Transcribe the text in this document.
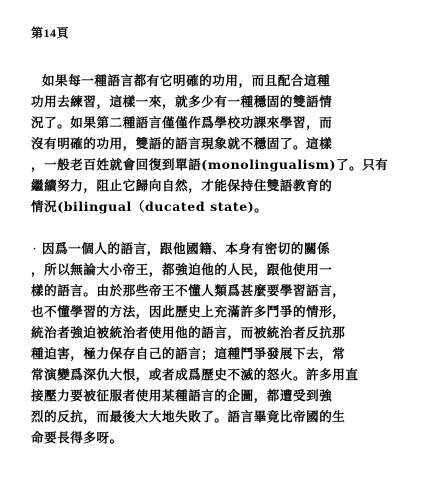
第14頁
如果每一種語言都有它明確的功用，而且配合這種
功用去練習，這樣一來，就多少有一種穩固的雙語情
況了。如果第二種語言僅僅作爲學校功課來學習，而
沒有明確的功用，雙語的語言現象就不穩固了。這樣
，一般老百姓就會回復到單語(monolingualism)了。只有
繼續努力，阻止它歸向自然，才能保持住雙語教育的
情況(bilingual（ducated state)。
· 因爲一個人的語言，跟他國籍、本身有密切的關係
，所以無論大小帝王，都強迫他的人民，跟他使用一
樣的語言。由於那些帝王不懂人類爲甚麼要學習語言，
也不懂學習的方法，因此歷史上充滿許多鬥爭的情形，
統治者強迫被統治者使用他的語言，而被統治者反抗那
種迫害，極力保存自己的語言；這種鬥爭發展下去，常
常演變爲深仇大恨，或者成爲歷史不滅的怒火。許多用直
接壓力要被征服者使用某種語言的企圖，都遭受到強
烈的反抗，而最後大大地失敗了。語言畢竟比帝國的生
命要長得多呀。
